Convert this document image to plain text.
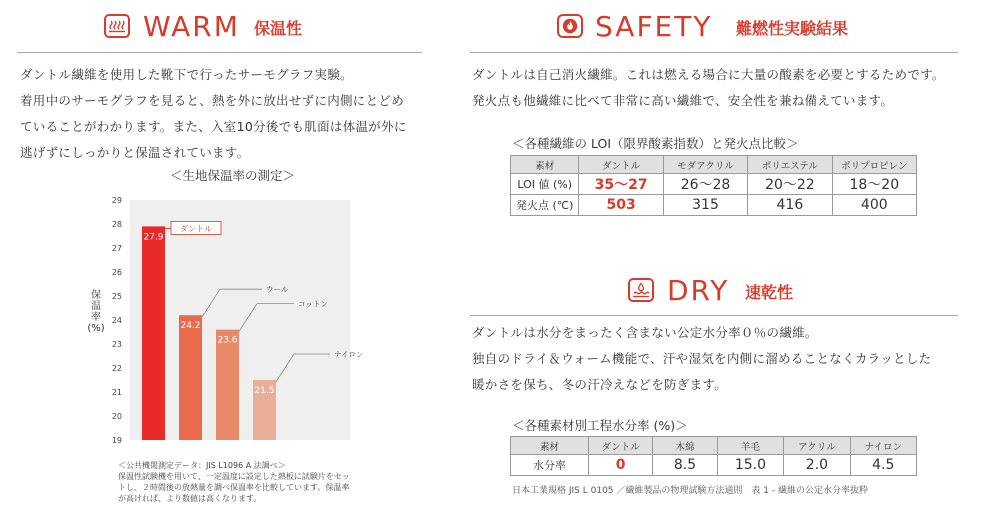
WARM 保温性
ダントル繊維を使用した靴下で行ったサーモグラフ実験。
着用中のサーモグラフを見ると、熱を外に放出せずに内側にとどめ
ていることがわかります。また、入室10分後でも肌面は体温が外に
逃げずにしっかりと保温されています。
＜生地保温率の測定＞
保
温
率
(%)
19
20
21
22
23
24
25
26
27
28
29
27.9
ダントル
24.2
ウール
23.6
コットン
21.5
ナイロン
＜公共機関測定データ：JIS L1096 A 法調べ＞
保温性試験機を用いて、一定温度に設定した熱板に試験片をセッ
トし、２時間後の放熱量を調べ保温率を比較しています。保温率
が高ければ、より数値は高くなります。
SAFETY 難燃性実験結果
ダントルは自己消火繊維。これは燃える場合に大量の酸素を必要とするためです。
発火点も他繊維に比べて非常に高い繊維で、安全性を兼ね備えています。
＜各種繊維の LOI（限界酸素指数）と発火点比較＞
素材	ダントル	モダアクリル	ポリエステル	ポリプロピレン
LOI 値 (%)	35〜27	26〜28	20〜22	18〜20
発火点 (℃)	503	315	416	400
DRY 速乾性
ダントルは水分をまったく含まない公定水分率０％の繊維。
独自のドライ＆ウォーム機能で、汗や湿気を内側に溜めることなくカラッとした
暖かさを保ち、冬の汗冷えなどを防ぎます。
＜各種素材別工程水分率 (%)＞
素材	ダントル	木綿	羊毛	アクリル	ナイロン
水分率	0	8.5	15.0	2.0	4.5
日本工業規格 JIS L 0105 ／繊維製品の物理試験方法通則　表 1 - 繊維の公定水分率抜粋
